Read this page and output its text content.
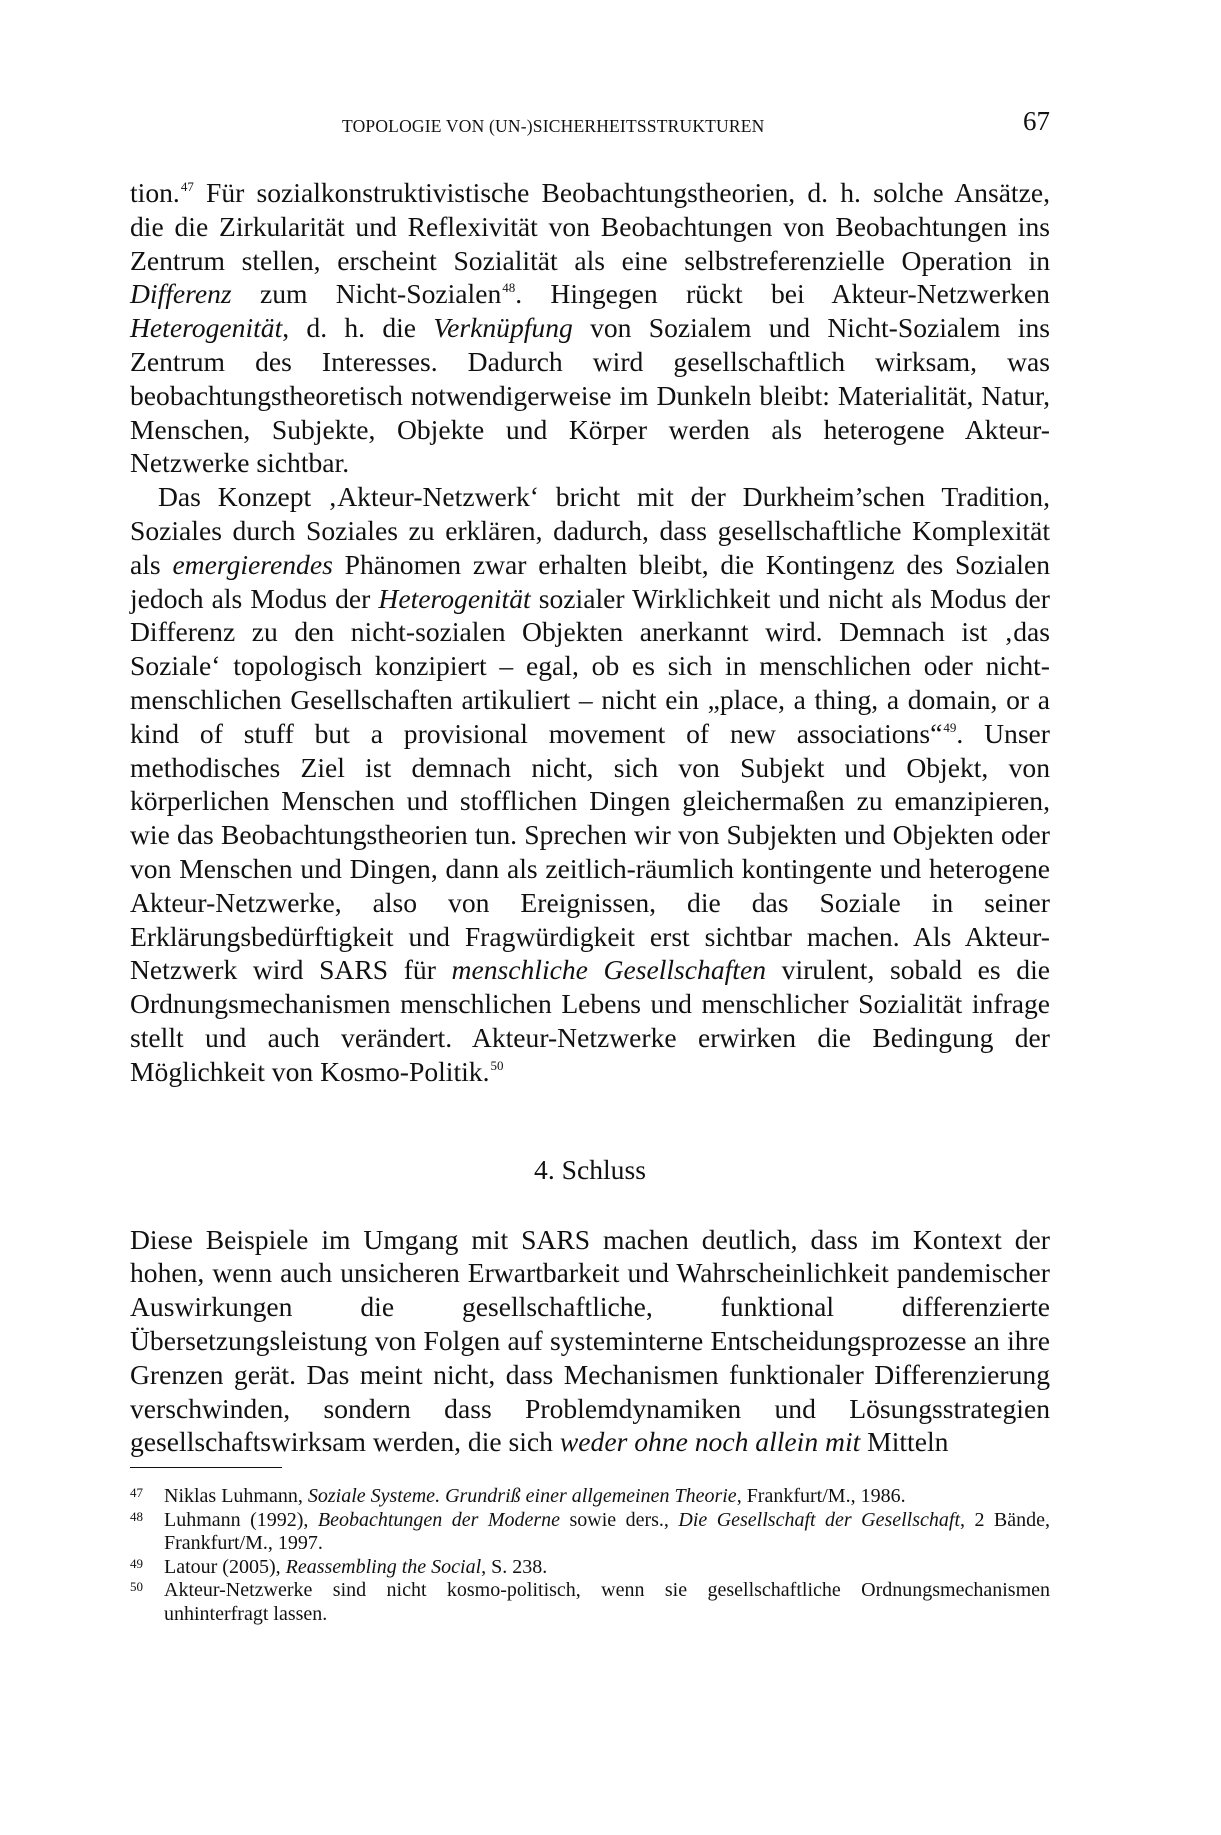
TOPOLOGIE VON (UN-)SICHERHEITSSTRUKTUREN	67

tion.$^{47}$ Für sozialkonstruktivistische Beobachtungstheorien, d. h. solche Ansätze, die die Zirkularität und Reflexivität von Beobachtungen von Beobachtungen ins Zentrum stellen, erscheint Sozialität als eine selbstreferenzielle Operation in Differenz zum Nicht-Sozialen$^{48}$. Hingegen rückt bei Akteur-Netzwerken Heterogenität, d. h. die Verknüpfung von Sozialem und Nicht-Sozialem ins Zentrum des Interesses. Dadurch wird gesellschaftlich wirksam, was beobachtungstheoretisch notwendigerweise im Dunkeln bleibt: Materialität, Natur, Menschen, Subjekte, Objekte und Körper werden als heterogene Akteur-Netzwerke sichtbar.

Das Konzept ‚Akteur-Netzwerk‘ bricht mit der Durkheim’schen Tradition, Soziales durch Soziales zu erklären, dadurch, dass gesellschaftliche Komplexität als emergierendes Phänomen zwar erhalten bleibt, die Kontingenz des Sozialen jedoch als Modus der Heterogenität sozialer Wirklichkeit und nicht als Modus der Differenz zu den nicht-sozialen Objekten anerkannt wird. Demnach ist ‚das Soziale‘ topologisch konzipiert – egal, ob es sich in menschlichen oder nicht-menschlichen Gesellschaften artikuliert – nicht ein „place, a thing, a domain, or a kind of stuff but a provisional movement of new associations“$^{49}$. Unser methodisches Ziel ist demnach nicht, sich von Subjekt und Objekt, von körperlichen Menschen und stofflichen Dingen gleichermaßen zu emanzipieren, wie das Beobachtungstheorien tun. Sprechen wir von Subjekten und Objekten oder von Menschen und Dingen, dann als zeitlich-räumlich kontingente und heterogene Akteur-Netzwerke, also von Ereignissen, die das Soziale in seiner Erklärungsbedürftigkeit und Fragwürdigkeit erst sichtbar machen. Als Akteur-Netzwerk wird SARS für menschliche Gesellschaften virulent, sobald es die Ordnungsmechanismen menschlichen Lebens und menschlicher Sozialität infrage stellt und auch verändert. Akteur-Netzwerke erwirken die Bedingung der Möglichkeit von Kosmo-Politik.$^{50}$

4. Schluss

Diese Beispiele im Umgang mit SARS machen deutlich, dass im Kontext der hohen, wenn auch unsicheren Erwartbarkeit und Wahrscheinlichkeit pandemischer Auswirkungen die gesellschaftliche, funktional differenzierte Übersetzungsleistung von Folgen auf systeminterne Entscheidungsprozesse an ihre Grenzen gerät. Das meint nicht, dass Mechanismen funktionaler Differenzierung verschwinden, sondern dass Problemdynamiken und Lösungsstrategien gesellschaftswirksam werden, die sich weder ohne noch allein mit Mitteln

47 Niklas Luhmann, Soziale Systeme. Grundriß einer allgemeinen Theorie, Frankfurt/M., 1986.
48 Luhmann (1992), Beobachtungen der Moderne sowie ders., Die Gesellschaft der Gesellschaft, 2 Bände, Frankfurt/M., 1997.
49 Latour (2005), Reassembling the Social, S. 238.
50 Akteur-Netzwerke sind nicht kosmo-politisch, wenn sie gesellschaftliche Ordnungsmechanismen unhinterfragt lassen.
